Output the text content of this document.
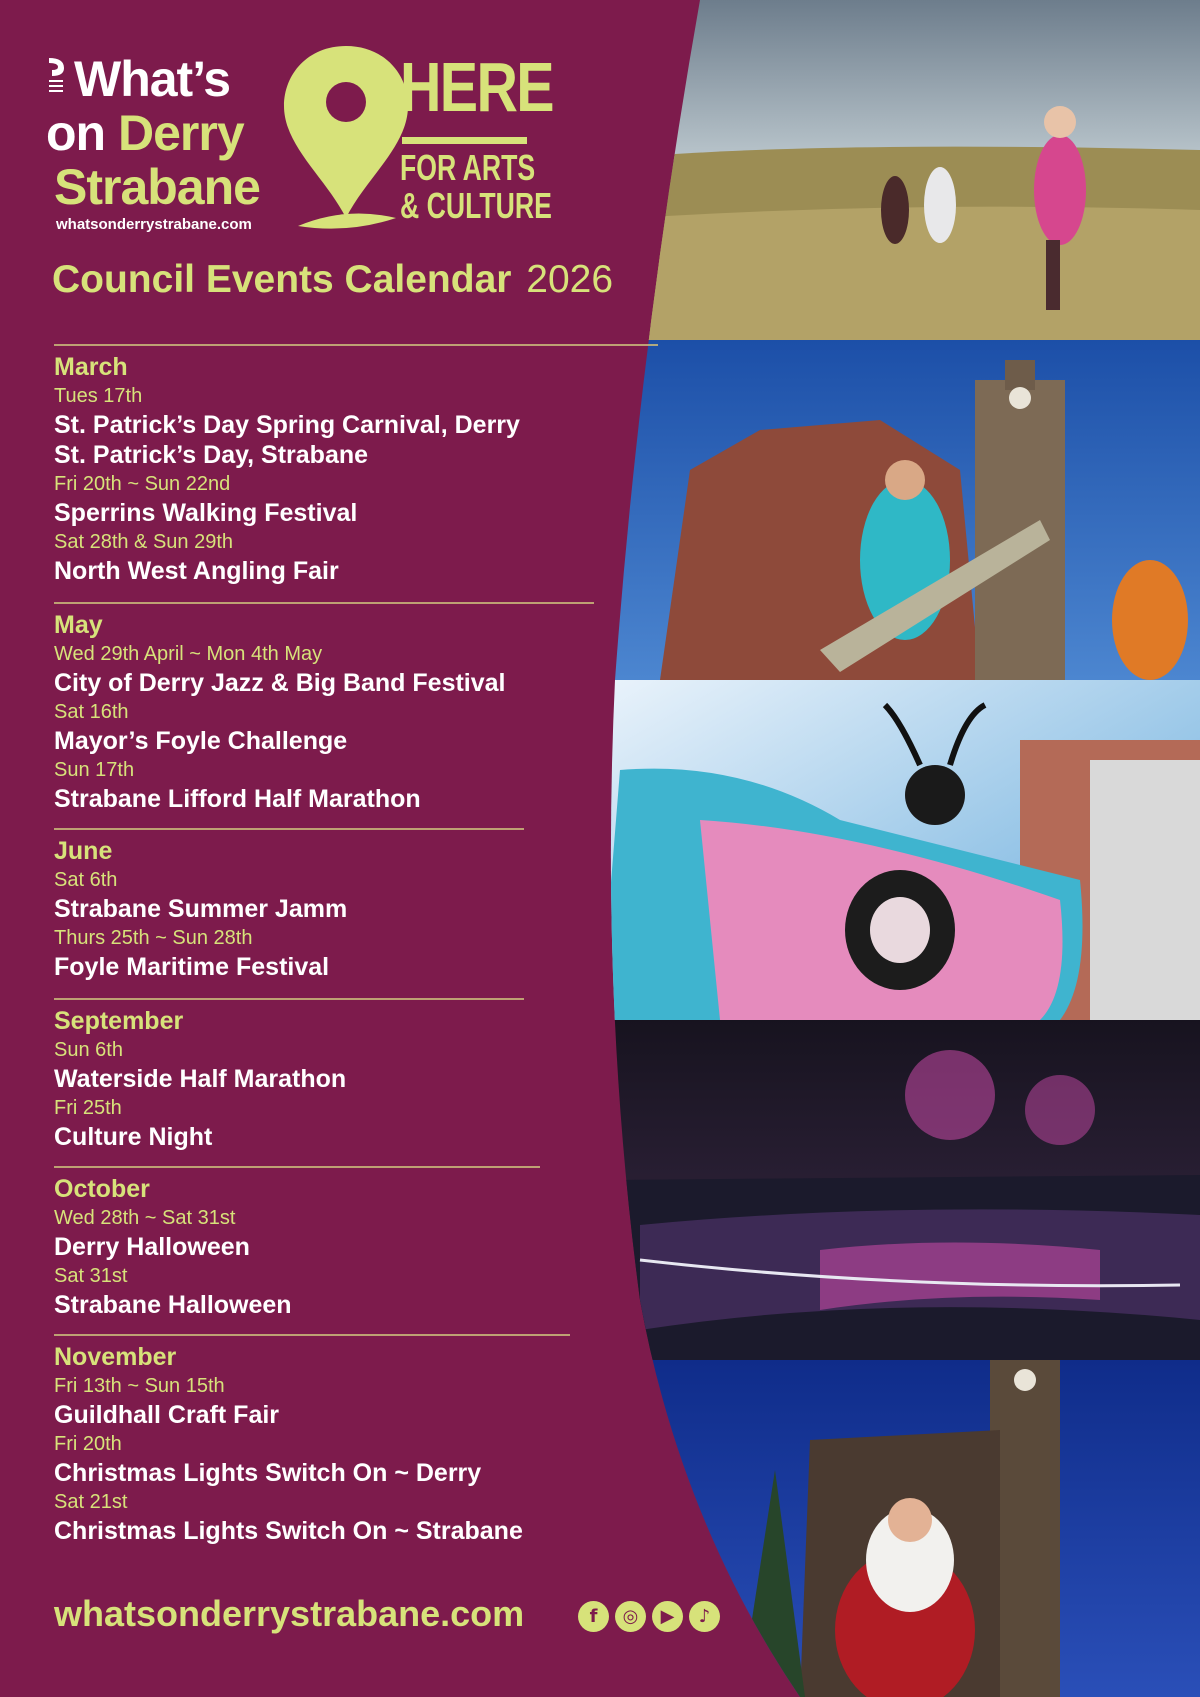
What’s
on Derry
Strabane
whatsonderrystrabane.com
HERE
FOR ARTS
& CULTURE
Council Events Calendar 2026
March
Tues 17th
St. Patrick’s Day Spring Carnival, Derry
St. Patrick’s Day, Strabane
Fri 20th ~ Sun 22nd
Sperrins Walking Festival
Sat 28th & Sun 29th
North West Angling Fair
May
Wed 29th April ~ Mon 4th May
City of Derry Jazz & Big Band Festival
Sat 16th
Mayor’s Foyle Challenge
Sun 17th
Strabane Lifford Half Marathon
June
Sat 6th
Strabane Summer Jamm
Thurs 25th ~ Sun 28th
Foyle Maritime Festival
September
Sun 6th
Waterside Half Marathon
Fri 25th
Culture Night
October
Wed 28th ~ Sat 31st
Derry Halloween
Sat 31st
Strabane Halloween
November
Fri 13th ~ Sun 15th
Guildhall Craft Fair
Fri 20th
Christmas Lights Switch On ~ Derry
Sat 21st
Christmas Lights Switch On ~ Strabane
whatsonderrystrabane.com	f	◎	▶	♪
